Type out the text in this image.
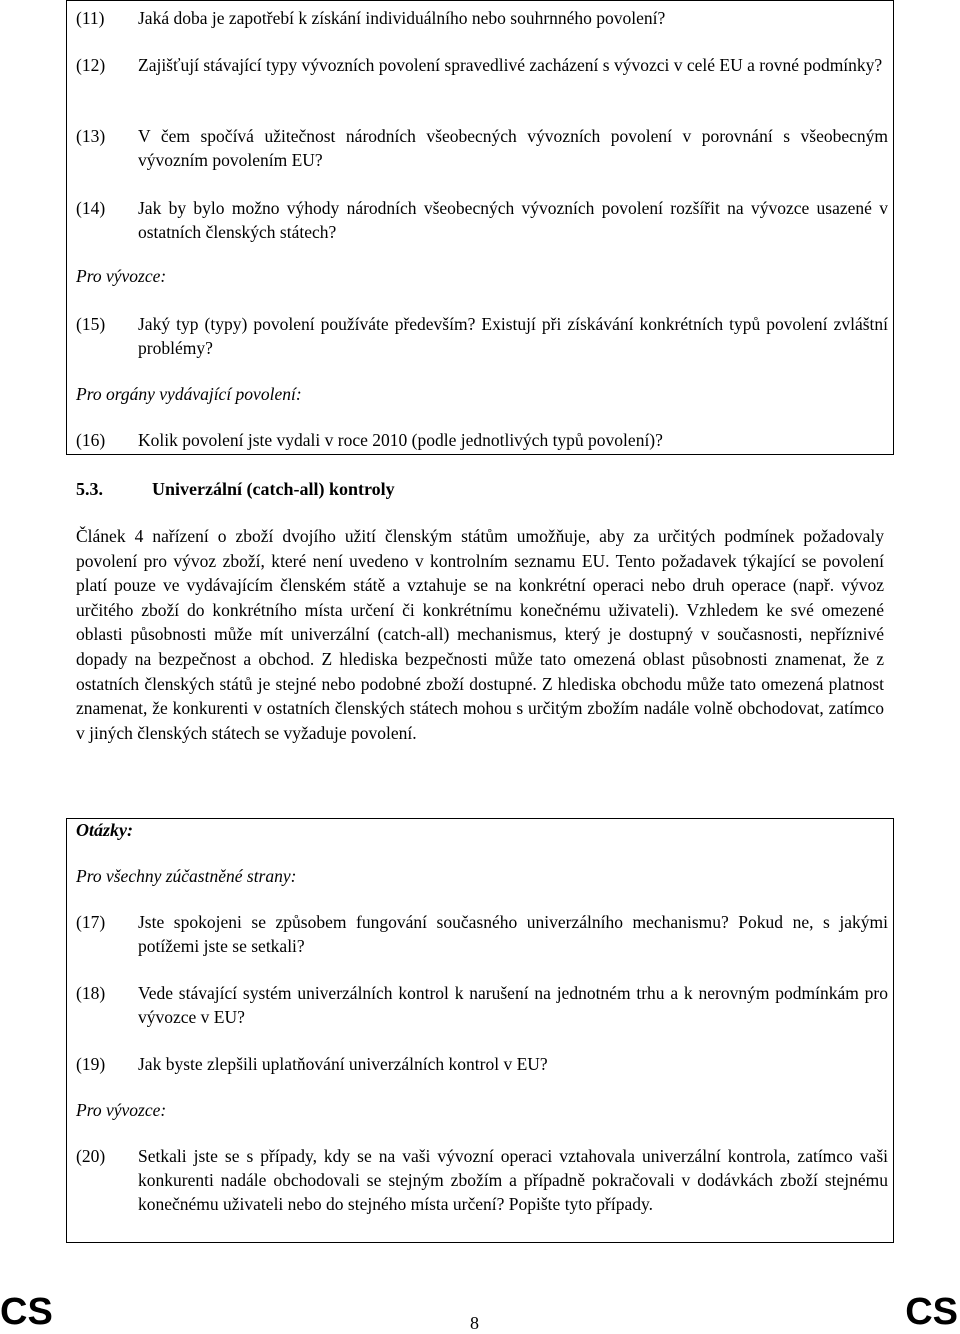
(11) Jaká doba je zapotřebí k získání individuálního nebo souhrnného povolení?
(12) Zajišťují stávající typy vývozních povolení spravedlivé zacházení s vývozci v celé EU a rovné podmínky?
(13) V čem spočívá užitečnost národních všeobecných vývozních povolení v porovnání s všeobecným vývozním povolením EU?
(14) Jak by bylo možno výhody národních všeobecných vývozních povolení rozšířit na vývozce usazené v ostatních členských státech?
Pro vývozce:
(15) Jaký typ (typy) povolení používáte především? Existují při získávání konkrétních typů povolení zvláštní problémy?
Pro orgány vydávající povolení:
(16) Kolik povolení jste vydali v roce 2010 (podle jednotlivých typů povolení)?
5.3.	Univerzální (catch-all) kontroly

Článek 4 nařízení o zboží dvojího užití členským státům umožňuje, aby za určitých podmínek požadovaly povolení pro vývoz zboží, které není uvedeno v kontrolním seznamu EU. Tento požadavek týkající se povolení platí pouze ve vydávajícím členském státě a vztahuje se na konkrétní operaci nebo druh operace (např. vývoz určitého zboží do konkrétního místa určení či konkrétnímu konečnému uživateli). Vzhledem ke své omezené oblasti působnosti může mít univerzální (catch-all) mechanismus, který je dostupný v současnosti, nepříznivé dopady na bezpečnost a obchod. Z hlediska bezpečnosti může tato omezená oblast působnosti znamenat, že z ostatních členských států je stejné nebo podobné zboží dostupné. Z hlediska obchodu může tato omezená platnost znamenat, že konkurenti v ostatních členských státech mohou s určitým zbožím nadále volně obchodovat, zatímco v jiných členských státech se vyžaduje povolení.

Otázky:
Pro všechny zúčastněné strany:
(17) Jste spokojeni se způsobem fungování současného univerzálního mechanismu? Pokud ne, s jakými potížemi jste se setkali?
(18) Vede stávající systém univerzálních kontrol k narušení na jednotném trhu a k nerovným podmínkám pro vývozce v EU?
(19) Jak byste zlepšili uplatňování univerzálních kontrol v EU?
Pro vývozce:
(20) Setkali jste se s případy, kdy se na vaši vývozní operaci vztahovala univerzální kontrola, zatímco vaši konkurenti nadále obchodovali se stejným zbožím a případně pokračovali v dodávkách zboží stejnému konečnému uživateli nebo do stejného místa určení? Popište tyto případy.
CS	8	CS
